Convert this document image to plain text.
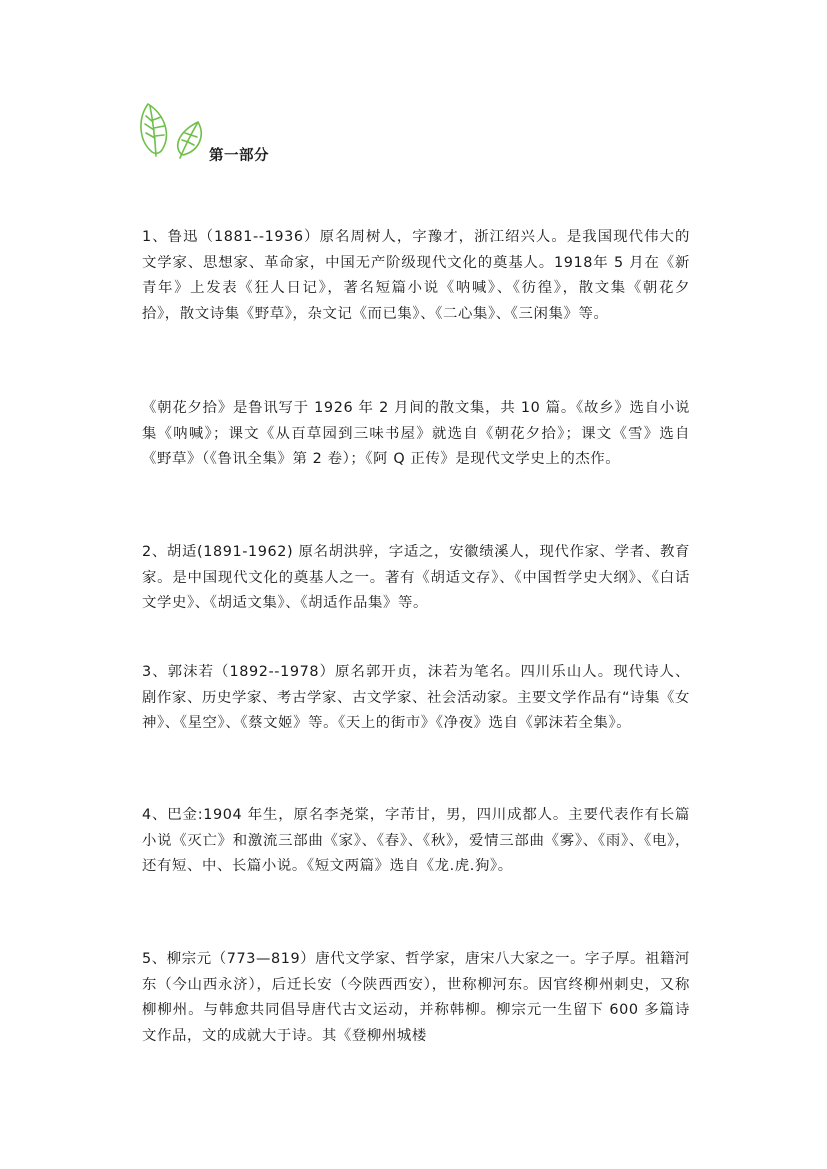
第一部分

1、鲁迅（1881--1936）原名周树人，字豫才，浙江绍兴人。是我国现代伟大的文学家、思想家、革命家，中国无产阶级现代文化的奠基人。1918年 5 月在《新青年》上发表《狂人日记》，著名短篇小说《呐喊》、《彷徨》，散文集《朝花夕拾》，散文诗集《野草》，杂文记《而已集》、《二心集》、《三闲集》等。

《朝花夕拾》是鲁讯写于 1926 年 2 月间的散文集，共 10 篇。《故乡》选自小说集《呐喊》；课文《从百草园到三味书屋》就选自《朝花夕拾》；课文《雪》选自《野草》（《鲁讯全集》第 2 卷）；《阿 Q 正传》是现代文学史上的杰作。

2、胡适(1891-1962) 原名胡洪骍，字适之，安徽绩溪人，现代作家、学者、教育家。是中国现代文化的奠基人之一。著有《胡适文存》、《中国哲学史大纲》、《白话文学史》、《胡适文集》、《胡适作品集》等。

3、郭沫若（1892--1978）原名郭开贞，沫若为笔名。四川乐山人。现代诗人、剧作家、历史学家、考古学家、古文学家、社会活动家。主要文学作品有“诗集《女神》、《星空》、《蔡文姬》等。《天上的街市》《净夜》选自《郭沫若全集》。

4、巴金:1904 年生，原名李尧棠，字芾甘，男，四川成都人。主要代表作有长篇小说《灭亡》和激流三部曲《家》、《春》、《秋》，爱情三部曲《雾》、《雨》、《电》，还有短、中、长篇小说。《短文两篇》选自《龙.虎.狗》。

5、柳宗元（773—819）唐代文学家、哲学家，唐宋八大家之一。字子厚。祖籍河东（今山西永济），后迁长安（今陕西西安），世称柳河东。因官终柳州刺史，又称柳柳州。与韩愈共同倡导唐代古文运动，并称韩柳。柳宗元一生留下 600 多篇诗文作品，文的成就大于诗。其《登柳州城楼
